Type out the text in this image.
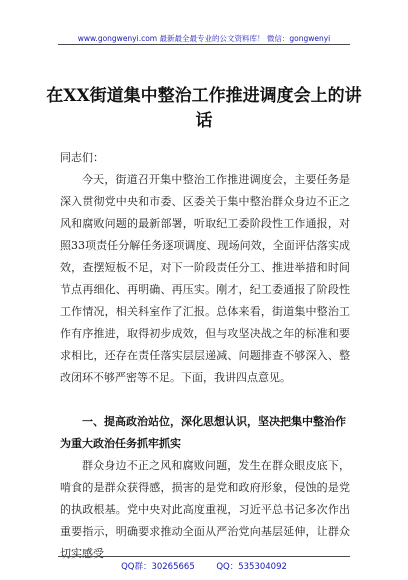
www.gongwenyi.com 最新最全最专业的公文资料库！ 微信：gongwenyi
在XX街道集中整治工作推进调度会上的讲话
同志们：

今天，街道召开集中整治工作推进调度会，主要任务是深入贯彻党中央和市委、区委关于集中整治群众身边不正之风和腐败问题的最新部署，听取纪工委阶段性工作通报，对照33项责任分解任务逐项调度、现场问效，全面评估落实成效，查摆短板不足，对下一阶段责任分工、推进举措和时间节点再细化、再明确、再压实。刚才，纪工委通报了阶段性工作情况，相关科室作了汇报。总体来看，街道集中整治工作有序推进，取得初步成效，但与攻坚决战之年的标准和要求相比，还存在责任落实层层递减、问题排查不够深入、整改闭环不够严密等不足。下面，我讲四点意见。

一、提高政治站位，深化思想认识，坚决把集中整治作为重大政治任务抓牢抓实

群众身边不正之风和腐败问题，发生在群众眼皮底下，啃食的是群众获得感，损害的是党和政府形象，侵蚀的是党的执政根基。党中央对此高度重视，习近平总书记多次作出重要指示，明确要求推动全面从严治党向基层延伸，让群众切实感受

QQ群：30265665        QQ：535304092
